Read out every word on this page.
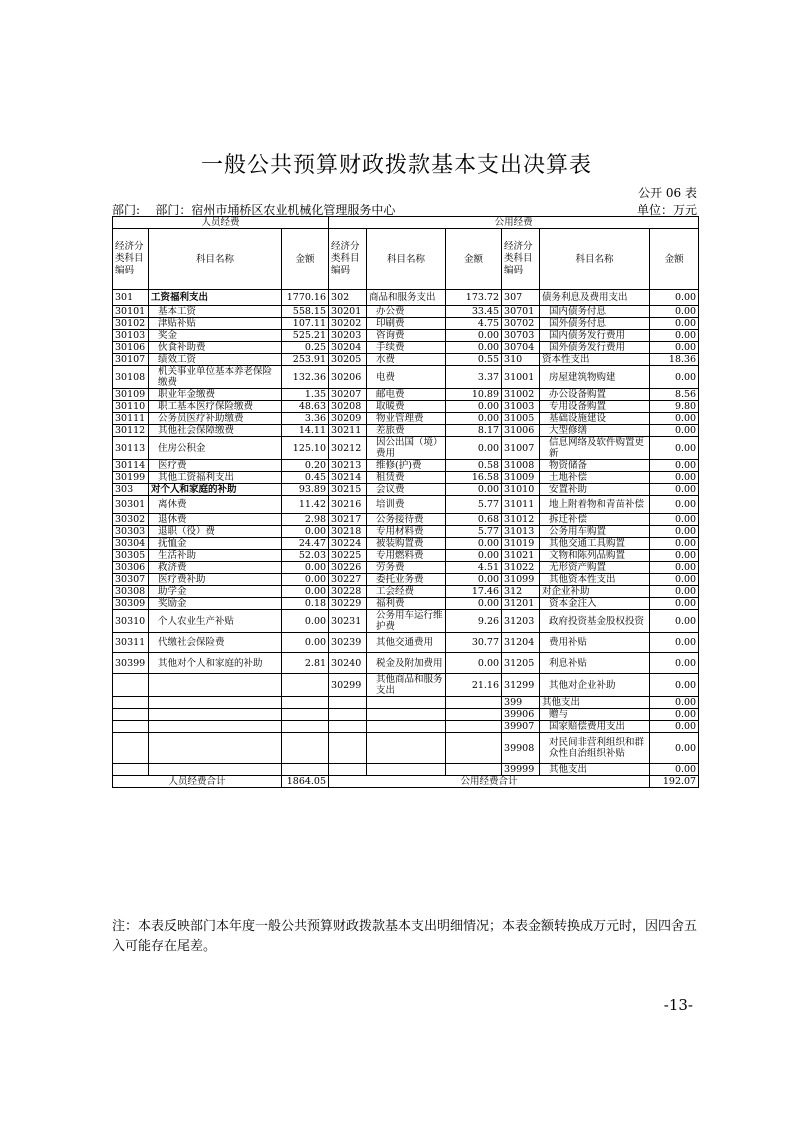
一般公共预算财政拨款基本支出决算表
公开 06 表
部门: 部门：宿州市埇桥区农业机械化管理服务中心	单位：万元
人员经费			公用经费					
经济分类科目编码	科目名称	金额	经济分类科目编码	科目名称	金额	经济分类科目编码	科目名称	金额
301	工资福利支出	1770.16	302	商品和服务支出	173.72	307	债务利息及费用支出	0.00
30101	基本工资	558.15	30201	办公费	33.45	30701	国内债务付息	0.00
30102	津贴补贴	107.11	30202	印刷费	4.75	30702	国外债务付息	0.00
30103	奖金	525.21	30203	咨询费	0.00	30703	国内债务发行费用	0.00
30106	伙食补助费	0.25	30204	手续费	0.00	30704	国外债务发行费用	0.00
30107	绩效工资	253.91	30205	水费	0.55	310	资本性支出	18.36
30108	机关事业单位基本养老保险缴费	132.36	30206	电费	3.37	31001	房屋建筑物购建	0.00
30109	职业年金缴费	1.35	30207	邮电费	10.89	31002	办公设备购置	8.56
30110	职工基本医疗保险缴费	48.63	30208	取暖费	0.00	31003	专用设备购置	9.80
30111	公务员医疗补助缴费	3.36	30209	物业管理费	0.00	31005	基础设施建设	0.00
30112	其他社会保障缴费	14.11	30211	差旅费	8.17	31006	大型修缮	0.00
30113	住房公积金	125.10	30212	因公出国（境）费用	0.00	31007	信息网络及软件购置更新	0.00
30114	医疗费	0.20	30213	维修(护)费	0.58	31008	物资储备	0.00
30199	其他工资福利支出	0.45	30214	租赁费	16.58	31009	土地补偿	0.00
303	对个人和家庭的补助	93.89	30215	会议费	0.00	31010	安置补助	0.00
30301	离休费	11.42	30216	培训费	5.77	31011	地上附着物和青苗补偿	0.00
30302	退休费	2.98	30217	公务接待费	0.68	31012	拆迁补偿	0.00
30303	退职（役）费	0.00	30218	专用材料费	5.77	31013	公务用车购置	0.00
30304	抚恤金	24.47	30224	被装购置费	0.00	31019	其他交通工具购置	0.00
30305	生活补助	52.03	30225	专用燃料费	0.00	31021	文物和陈列品购置	0.00
30306	救济费	0.00	30226	劳务费	4.51	31022	无形资产购置	0.00
30307	医疗费补助	0.00	30227	委托业务费	0.00	31099	其他资本性支出	0.00
30308	助学金	0.00	30228	工会经费	17.46	312	对企业补助	0.00
30309	奖励金	0.18	30229	福利费	0.00	31201	资本金注入	0.00
30310	个人农业生产补贴	0.00	30231	公务用车运行维护费	9.26	31203	政府投资基金股权投资	0.00
30311	代缴社会保险费	0.00	30239	其他交通费用	30.77	31204	费用补贴	0.00
30399	其他对个人和家庭的补助	2.81	30240	税金及附加费用	0.00	31205	利息补贴	0.00
			30299	其他商品和服务支出	21.16	31299	其他对企业补助	0.00
						399	其他支出	0.00
						39906	赠与	0.00
						39907	国家赔偿费用支出	0.00
						39908	对民间非营利组织和群众性自治组织补贴	0.00
						39999	其他支出	0.00
人员经费合计		1864.05	公用经费合计					192.07
注：本表反映部门本年度一般公共预算财政拨款基本支出明细情况；本表金额转换成万元时，因四舍五入可能存在尾差。
-13-
